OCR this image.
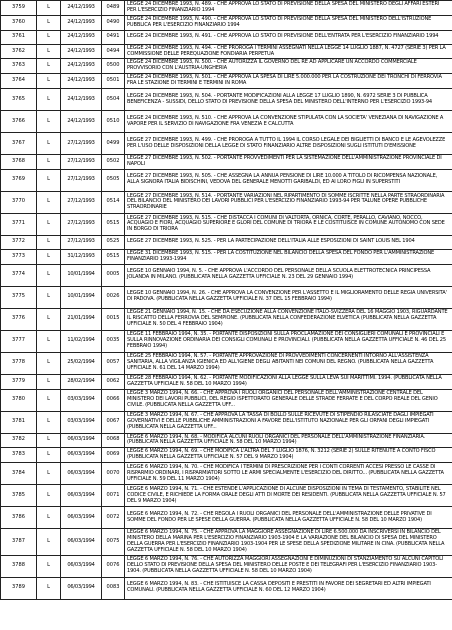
3759	L	24/12/1993	0489	LEGGE 24 DICEMBRE 1993, N. 489. - CHE APPROVA LO STATO DI PREVISIONE DELLA SPESA DEL MINISTERO DEGLI AFFARI ESTERI PER L'ESERCIZIO FINANZIARIO 1994
3760	L	24/12/1993	0490	LEGGE 24 DICEMBRE 1993, N. 490. - CHE APPROVA LO STATO DI PREVISIONE DELLA SPESA DEL MINISTERO DELL'ISTRUZIONE PUBBLICA PER L'ESERCIZIO FINANZIARIO 1994
3761	L	24/12/1993	0491	LEGGE 24 DICEMBRE 1993, N. 491. - CHE APPROVA LO STATO DI PREVISIONE DELL'ENTRATA PER L'ESERCIZIO FINANZIARIO 1994
3762	L	24/12/1993	0494	LEGGE 24 DICEMBRE 1993, N. 494. - CHE PROROGA I TERMINI ASSEGNATI NELLA LEGGE 14 LUGLIO 1887, N. 4727 (SERIE 3) PER LA COMMISSIONE DELLE PEREQUAZIONE FONDIARIA PERPETUA
3763	L	24/12/1993	0500	LEGGE 24 DICEMBRE 1993, N. 500. - CHE AUTORIZZA IL GOVERNO DEL RE AD APPLICARE UN ACCORDO COMMERCIALE PROVVISORIO CON L'AUSTRIA-UNGHERIA
3764	L	24/12/1993	0501	LEGGE 24 DICEMBRE 1993, N. 501. - CHE APPROVA LA SPESA DI LIRE 5.000.000 PER LA COSTRUZIONE DEI TRONCHI DI FERROVIA FRA LE STAZIONE DI TERMINI E TERMINI IN ROMA
3765	L	24/12/1993	0504	LEGGE 24 DICEMBRE 1993, N. 504. - PORTANTE MODIFICAZIONI ALLA LEGGE 17 LUGLIO 1890, N. 6972 SERIE 3 DI PUBBLICA BENEFICENZA - SUSSIDI, DELLO STATO DI PREVISIONE DELLA SPESA DEL MINISTERO DELL'INTERNO PER L'ESERCIZIO 1993-94
3766	L	24/12/1993	0510	LEGGE 24 DICEMBRE 1993, N. 510. - CHE APPROVA LA CONVENZIONE STIPULATA CON LA SOCIETA' VENEZIANA DI NAVIGAZIONE A VAPORE PER IL SERVIZIO DI NAVIGAZIONE FRA VENEZIA E CALCUTTA
3767	L	27/12/1993	0499	LEGGE 27 DICEMBRE 1993, N. 499. - CHE PROROGA A TUTTO IL 1994 IL CORSO LEGALE DEI BIGLIETTI DI BANCO E LE AGEVOLEZZE PER L'USO DELLE DISPOSIZIONI DELLA LEGGE DI STATO FINANZIARIO ALTRE DISPOSIZIONI SUGLI ISTITUTI D'EMISSIONE
3768	L	27/12/1993	0502	LEGGE 27 DICEMBRE 1993, N. 502. - PORTANTE PROVVEDIMENTI PER LA SISTEMAZIONE DELL'AMMINISTRAZIONE PROVINCIALE DI NAPOLI
3769	L	27/12/1993	0505	LEGGE 27 DICEMBRE 1993, N. 505. - CHE ASSEGNA LA ANNUA PENSIONE DI LIRE 10.000 A TITOLO DI RICOMPENSA NAZIONALE, ALLA SIGNORA ITALIA BIDISCHINI, VEDOVA DEL GENERALE MENOTTI GARIBALDI, ED AI LORO FIGLI IN SUPERSTITI
3770	L	27/12/1993	0514	LEGGE 27 DICEMBRE 1993, N. 514. - PORTANTE VARIAZIONI NEL RIPARTIMENTO DI SOMME ISCRITTE NELLA PARTE STRAORDINARIA DEL BILANCIO DEL MINISTERO DEI LAVORI PUBBLICI PER L'ESERCIZIO FINANZIARIO 1993-94 PER TALUNE OPERE PUBBLICHE STRAORDINARIE
3771	L	27/12/1993	0515	LEGGE 27 DICEMBRE 1993, N. 515. - CHE DISTACCA I COMUNI DI VALTORTA, ORNICA, CORTE, PERALLO, CAVIANO, NOCCO, ACQUAGIO E FIORI, ACQUAGIO SUPERIORE E GLORI DEL COMUNE DI TRIORA E LE COSTITUISCE IN COMUNE AUTONOMO CON SEDE IN BORGO DI TRIORA
3772	L	27/12/1993	0525	LEGGE 27 DICEMBRE 1993, N. 525. - PER LA PARTECIPAZIONE DELL'ITALIA ALLE ESPOSIZIONI DI SAINT LOUIS NEL 1904
3773	L	31/12/1993	0515	LEGGE 31 DICEMBRE 1993, N. 515. - PER LA COSTITUZIONE NEL BILANCIO DELLA SPESA DEL FONDO PER L'AMMINISTRAZIONE FINANZIARIO 1993-1994
3774	L	10/01/1994	0005	LEGGE 10 GENNAIO 1994, N. 5. - CHE APPROVA L'ACCORDO DEL PERSONALE DELLA SCUOLA ELETTROTECNICA PRINCIPESSA JOLANDA IN MILANO. (PUBBLICATA NELLA GAZZETTA UFFICIALE N. 23 DEL 29 GENNAIO 1994)
3775	L	10/01/1994	0026	LEGGE 10 GENNAIO 1994, N. 26. - CHE APPROVA LA CONVENZIONE PER L'ASSETTO E IL MIGLIORAMENTO DELLE REGIA UNIVERSITA' DI PADOVA. (PUBBLICATA NELLA GAZZETTA UFFICIALE N. 37 DEL 15 FEBBRAIO 1994)
3776	L	21/01/1994	0015	LEGGE 21 GENNAIO 1994, N. 15. - CHE DA ESECUZIONE ALLA CONVENZIONE ITALO-SVIZZERA DEL 16 MAGGIO 1903, RIGUARDANTE IL RISCATTO DELLA FERROVIA DEL SEMPIONE. (PUBBLICATA NELLA CONFEDERAZIONE ELVETICA (PUBBLICATA NELLA GAZZETTA UFFICIALE N. 50 DEL 4 FEBBRAIO 1904)
3777	L	11/02/1994	0035	LEGGE 11 FEBBRAIO 1994, N. 35. - PORTANTE DISPOSIZIONI SULLA PROCLAMAZIONE DEI CONSIGLIERI COMUNALI E PROVINCIALI E SULLA RINNOVAZIONE ORDINARIA DEI CONSIGLI COMUNALI E PROVINCIALI. (PUBBLICATA NELLA GAZZETTA UFFICIALE N. 46 DEL 25 FEBBRAIO 1994)
3778	L	25/02/1994	0057	LEGGE 25 FEBBRAIO 1994, N. 57. - PORTANTE APPROVAZIONE DI PROVVEDIMENTI CONCERNENTI INTORNO ALL'ASSISTENZA SANITARIA, ALLA VIGILANZA IGIENICA ED ALL'IGIENE DEGLI ABITANTI NEI COMUNI DEL REGNO. (PUBBLICATA NELLA GAZZETTA UFFICIALE N. 61 DEL 14 MARZO 1994)
3779	L	28/02/1994	0062	LEGGE 28 FEBBRAIO 1994, N. 62. - PORTANTE MODIFICAZIONI ALLA LEGGE SULLA LEVA SUI MARITTIMI. 1994. (PUBBLICATA NELLA GAZZETTA UFFICIALE N. 58 DEL 10 MARZO 1994)
3780	L	03/03/1994	0066	LEGGE 3 MARZO 1994, N. 66. - CHE APPROVA I RUOLI ORGANICI DEL PERSONALE DELL'AMMINISTRAZIONE CENTRALE DEL MINISTERO DEI LAVORI PUBBLICI, DEL REGIO ISPETTORATO GENERALE DELLE STRADE FERRATE E DEL CORPO REALE DEL GENIO CIVILE. (PUBBLICATA NELLA GAZZETTA UFF...
3781	L	03/03/1994	0067	LEGGE 3 MARZO 1994, N. 67. - CHE APPROVA LA TASSA DI BOLLO SULLE RICEVUTE DI STIPENDIO RILASCIATE DAGLI IMPIEGATI GOVERNATIVI E DELLE PUBBLICHE AMMINISTRAZIONI A FAVORE DELL'ISTITUTO NAZIONALE PER GLI ORFANI DEGLI IMPIEGATI (PUBBLICATA NELLA GAZZETTA UFF...
3782	L	06/03/1994	0068	LEGGE 6 MARZO 1994, N. 68. - MODIFICA ALCUNI RUOLI ORGANICI DEL PERSONALE DELL'AMMINISTRAZIONE FINANZIARIA. (PUBBLICATA NELLA GAZZETTA UFFICIALE N. 58 DEL 10 MARZO 1994)
3783	L	06/03/1994	0069	LEGGE 6 MARZO 1994, N. 69. - CHE MODIFICA L'ALTRA DEL 7 LUGLIO 1876, N. 3212 (SERIE 2) SULLE RITENUTE A CONTO FISCO (PUBBLICATA NELLA GAZZETTA UFFICIALE N. 57 DEL 9 MARZO 1904)
3784	L	06/03/1994	0070	LEGGE 6 MARZO 1994, N. 70. - CHE MODIFICA I TERMINI DI PRESCRIZIONE PER I CONTI CORRENTI ACCESI PRESSO LE CASSE DI RISPARMIO ORDINARI, I RISPARMIATORI SOTTO LE ARMI SPECIALMENTE L'ESERCIZIO DEL DIRITTO... (PUBBLICATA NELLA GAZZETTA UFFICIALE N. 59 DEL 11 MARZO 1904)
3785	L	06/03/1994	0071	LEGGE 6 MARZO 1994, N. 71. - CHE ESTENDE L'APPLICAZIONE DI ALCUNE DISPOSIZIONI IN TEMA DI TESTAMENTO, STABILITE NEL CODICE CIVILE, E RICHIEDE LA FORMA ORALE DEGLI ATTI DI MORTE DEI RESIDENTI. (PUBBLICATA NELLA GAZZETTA UFFICIALE N. 57 DEL 9 MARZO 1904)
3786	L	06/03/1994	0072	LEGGE 6 MARZO 1994, N. 72. - CHE REGOLA I RUOLI ORGANICI DEL PERSONALE DELL'AMMINISTRAZIONE DELLE PRIVATIVE DI SOMME DEL FONDO PER LE SPESE DELLA GUERRA. (PUBBLICATA NELLA GAZZETTA UFFICIALE N. 58 DEL 10 MARZO 1904)
3787	L	06/03/1994	0075	LEGGE 6 MARZO 1994, N. 75. - CHE APPROVA LA MAGGIORE ASSEGNAZIONE DI LIRE 6.500.000 DA INSCRIVERSI IN BILANCIO DEL MINISTERO DELLA MARINA PER L'ESERCIZIO FINANZIARIO 1903-1904 E LA VARIAZIONE DEL BILANCIO DI SPESA DEL MINISTERO DELLA GUERRA PER L'ESERCIZIO FINANZIARIO 1903-1904 PER LE SPESE DELLA SPEDIZIONE MILITARE IN CINA. (PUBBLICATA NELLA GAZZETTA UFFICIALE N. 58 DEL 10 MARZO 1904)
3788	L	06/03/1994	0076	LEGGE 6 MARZO 1994, N. 76. - CHE AUTORIZZA MAGGIORI ASSEGNAZIONI E DIMINUZIONI DI STANZIAMENTO SU ALCUNI CAPITOLI DELLO STATO DI PREVISIONE DELLA SPESA DEL MINISTERO DELLE POSTE E DEI TELEGRAFI PER L'ESERCIZIO FINANZIARIO 1903-1904. (PUBBLICATA NELLA GAZZETTA UFFICIALE N. 58 DEL 10 MARZO 1904)
3789	L	06/03/1994	0083	LEGGE 6 MARZO 1994, N. 83. - CHE ISTITUISCE LA CASSA DEPOSITI E PRESTITI IN FAVORE DEI SEGRETARI ED ALTRI IMPIEGATI COMUNALI. (PUBBLICATA NELLA GAZZETTA UFFICIALE N. 60 DEL 12 MARZO 1904)
